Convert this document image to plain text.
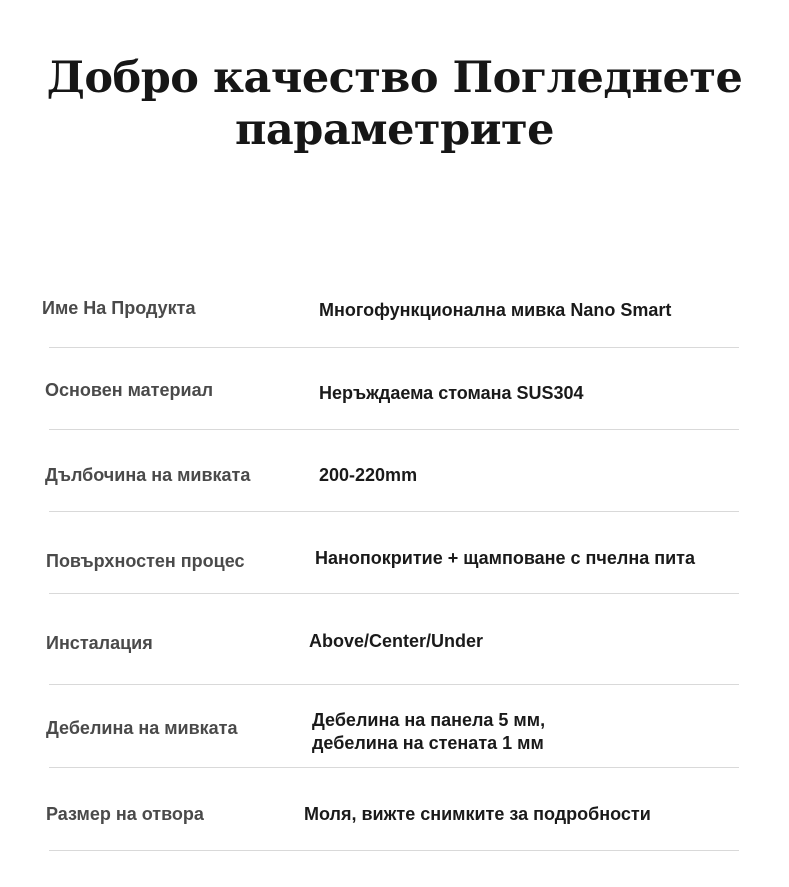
Добро качество Погледнете
параметрите
Име На Продукта	Многофункционална мивка Nano Smart
Основен материал	Неръждаема стомана SUS304
Дълбочина на мивката	200-220mm
Повърхностен процес	Нанопокритие + щамповане с пчелна пита
Инсталация	Above/Center/Under
Дебелина на мивката	Дебелина на панела 5 мм,
дебелина на стената 1 мм
Размер на отвора	Моля, вижте снимките за подробности
